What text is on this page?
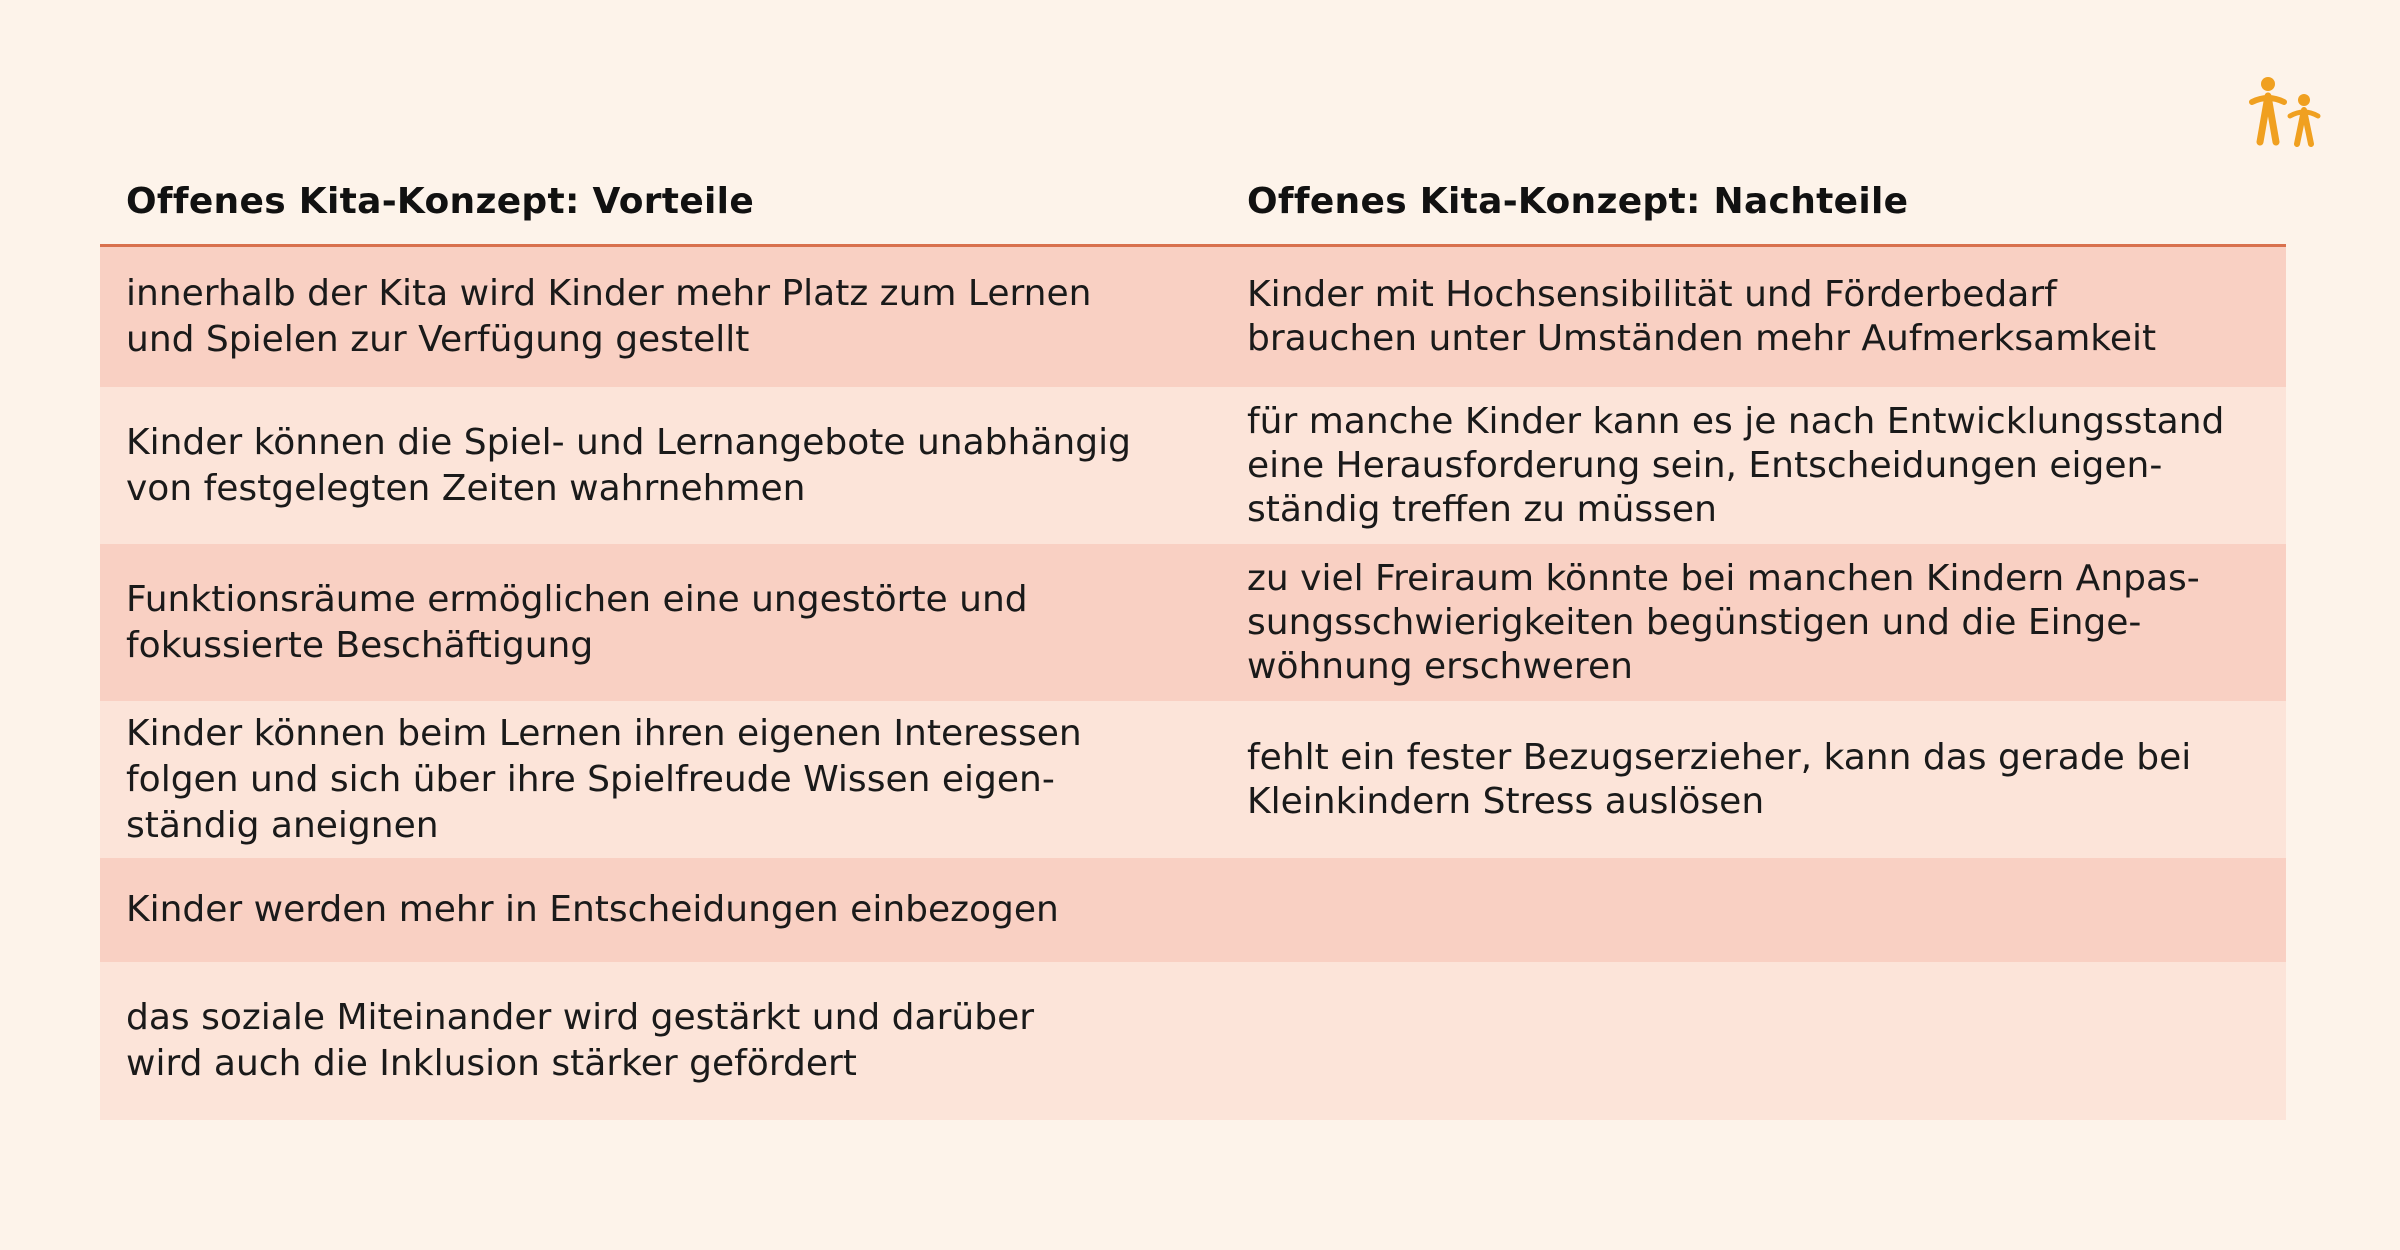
Offenes Kita-Konzept: Vorteile	Offenes Kita-Konzept: Nachteile
innerhalb der Kita wird Kinder mehr Platz zum Lernen
und Spielen zur Verfügung gestellt
Kinder mit Hochsensibilität und Förderbedarf
brauchen unter Umständen mehr Aufmerksamkeit
Kinder können die Spiel- und Lernangebote unabhängig
von festgelegten Zeiten wahrnehmen
für manche Kinder kann es je nach Entwicklungsstand
eine Herausforderung sein, Entscheidungen eigen-
ständig treffen zu müssen
Funktionsräume ermöglichen eine ungestörte und
fokussierte Beschäftigung
zu viel Freiraum könnte bei manchen Kindern Anpas-
sungsschwierigkeiten begünstigen und die Einge-
wöhnung erschweren
Kinder können beim Lernen ihren eigenen Interessen
folgen und sich über ihre Spielfreude Wissen eigen-
ständig aneignen
fehlt ein fester Bezugserzieher, kann das gerade bei
Kleinkindern Stress auslösen
Kinder werden mehr in Entscheidungen einbezogen
das soziale Miteinander wird gestärkt und darüber
wird auch die Inklusion stärker gefördert
